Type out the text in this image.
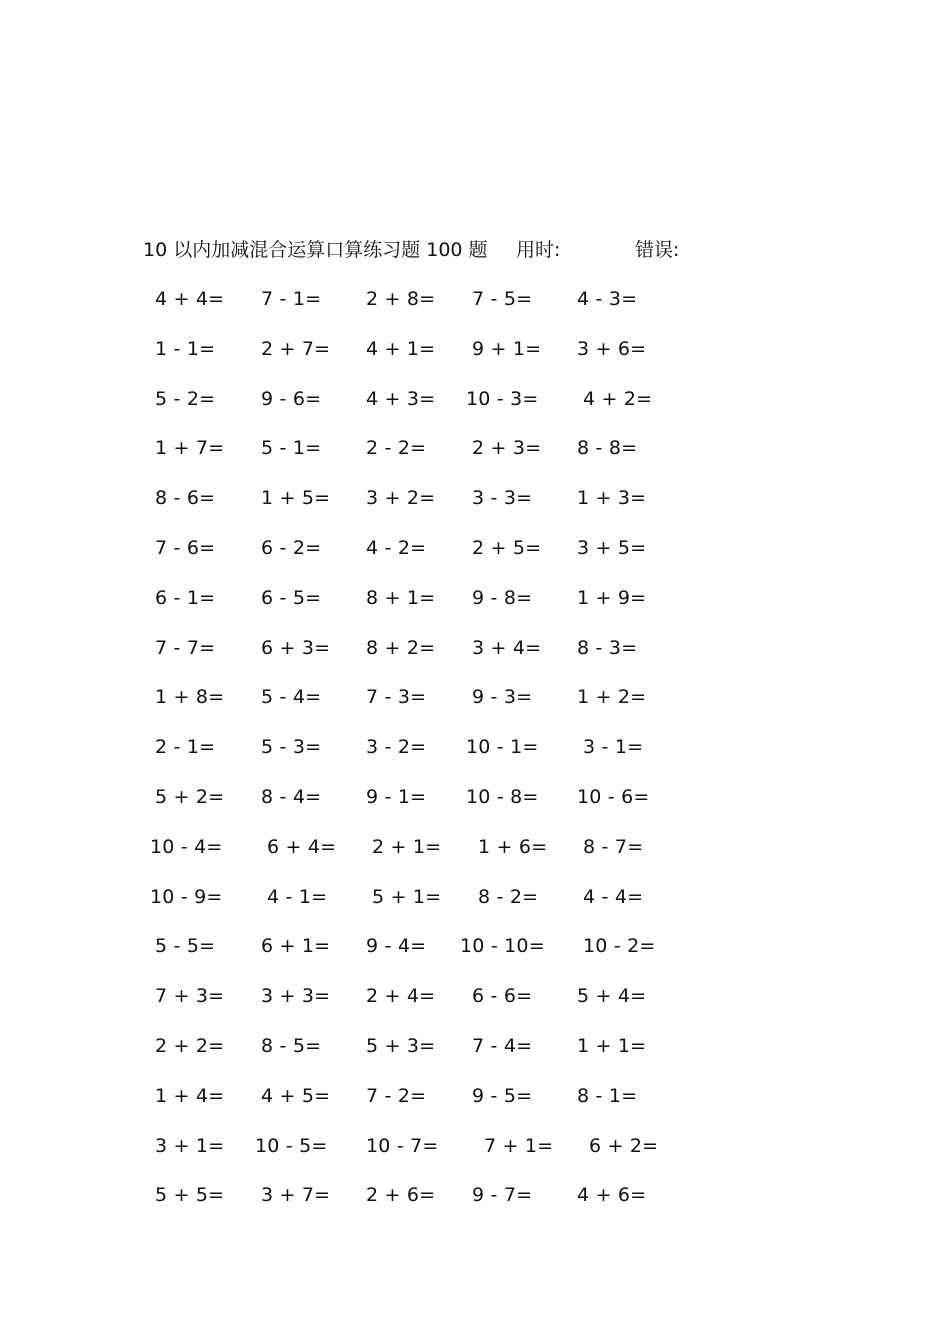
10 以内加减混合运算口算练习题 100 题 用时:	错误:
4 + 4= 7 - 1= 2 + 8= 7 - 5= 4 - 3=
1 - 1= 2 + 7= 4 + 1= 9 + 1= 3 + 6=
5 - 2= 9 - 6= 4 + 3= 10 - 3= 4 + 2=
1 + 7= 5 - 1= 2 - 2= 2 + 3= 8 - 8=
8 - 6= 1 + 5= 3 + 2= 3 - 3= 1 + 3=
7 - 6= 6 - 2= 4 - 2= 2 + 5= 3 + 5=
6 - 1= 6 - 5= 8 + 1= 9 - 8= 1 + 9=
7 - 7= 6 + 3= 8 + 2= 3 + 4= 8 - 3=
1 + 8= 5 - 4= 7 - 3= 9 - 3= 1 + 2=
2 - 1= 5 - 3= 3 - 2= 10 - 1= 3 - 1=
5 + 2= 8 - 4= 9 - 1= 10 - 8= 10 - 6=
10 - 4= 6 + 4= 2 + 1= 1 + 6= 8 - 7=
10 - 9= 4 - 1= 5 + 1= 8 - 2= 4 - 4=
5 - 5= 6 + 1= 9 - 4= 10 - 10= 10 - 2=
7 + 3= 3 + 3= 2 + 4= 6 - 6= 5 + 4=
2 + 2= 8 - 5= 5 + 3= 7 - 4= 1 + 1=
1 + 4= 4 + 5= 7 - 2= 9 - 5= 8 - 1=
3 + 1= 10 - 5= 10 - 7= 7 + 1= 6 + 2=
5 + 5= 3 + 7= 2 + 6= 9 - 7= 4 + 6=
